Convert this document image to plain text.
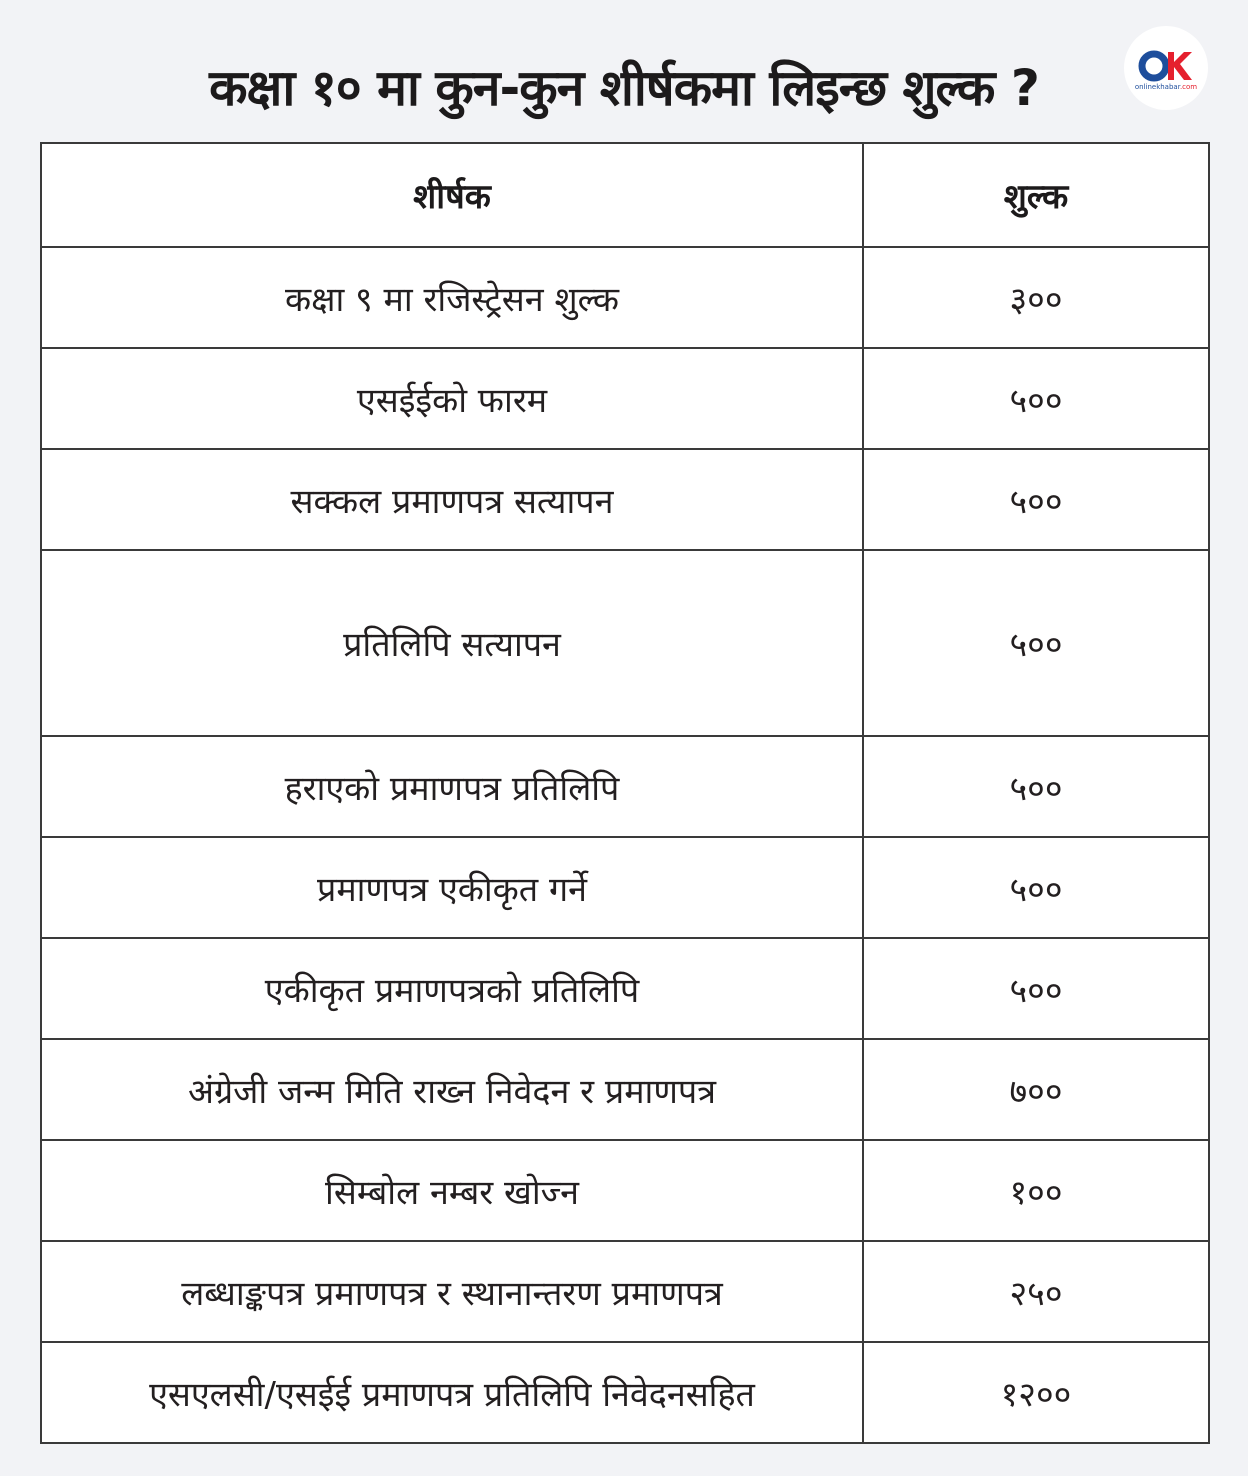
कक्षा १० मा कुन-कुन शीर्षकमा लिइन्छ शुल्क ?	onlinekhabar.com
शीर्षक	शुल्क
कक्षा ९ मा रजिस्ट्रेसन शुल्क	३००
एसईईको फारम	५००
सक्कल प्रमाणपत्र सत्यापन	५००
प्रतिलिपि सत्यापन	५००
हराएको प्रमाणपत्र प्रतिलिपि	५००
प्रमाणपत्र एकीकृत गर्ने	५००
एकीकृत प्रमाणपत्रको प्रतिलिपि	५००
अंग्रेजी जन्म मिति राख्न निवेदन र प्रमाणपत्र	७००
सिम्बोल नम्बर खोज्न	१००
लब्धाङ्कपत्र प्रमाणपत्र र स्थानान्तरण प्रमाणपत्र	२५०
एसएलसी/एसईई प्रमाणपत्र प्रतिलिपि निवेदनसहित	१२००
